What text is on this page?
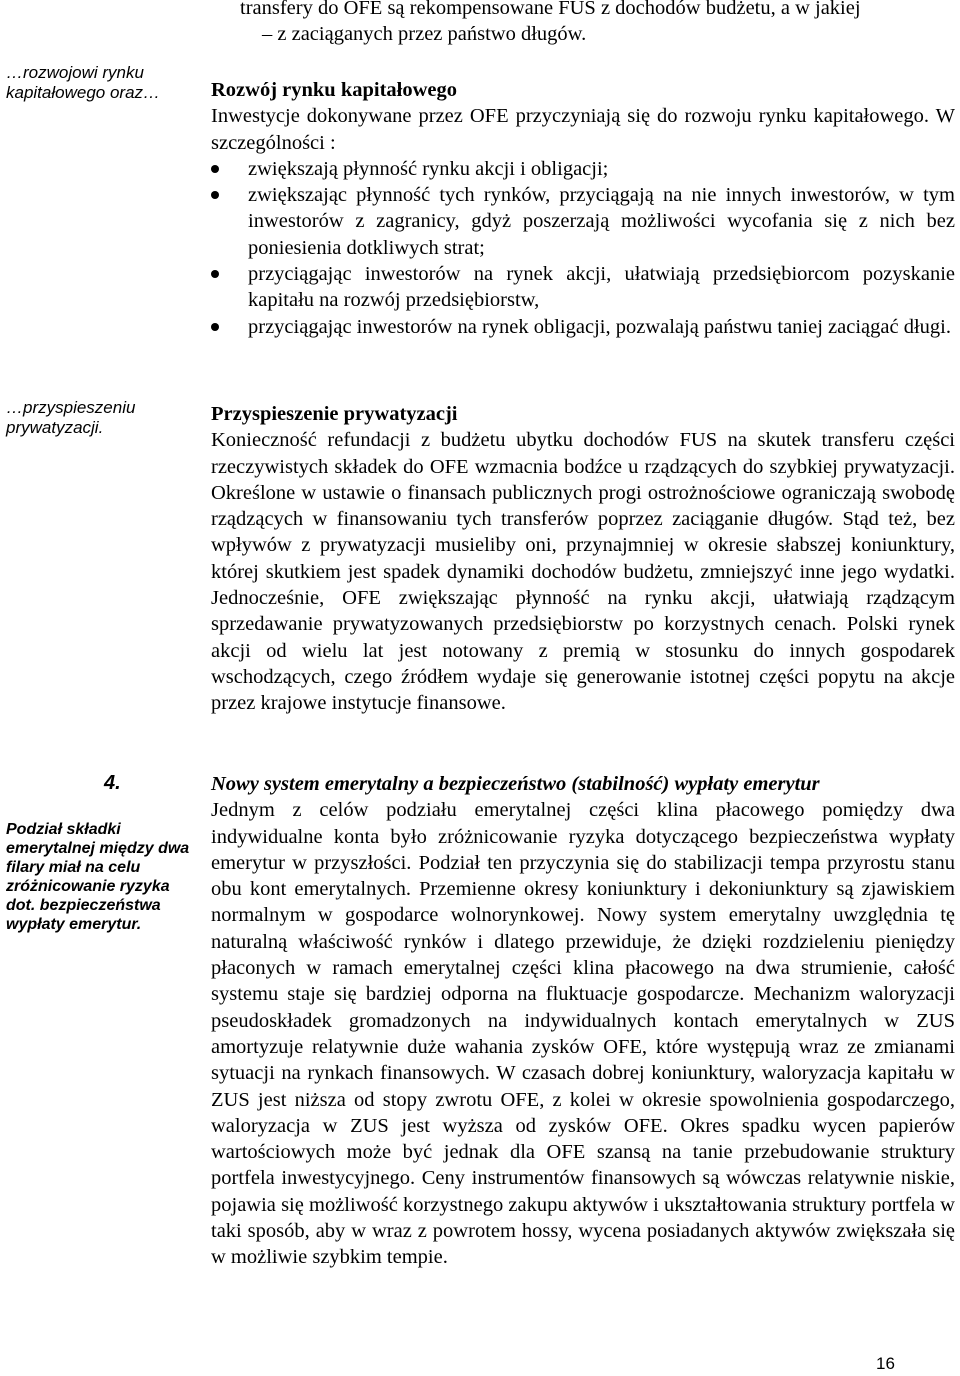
transfery do OFE są rekompensowane FUS z dochodów budżetu, a w jakiej
– z zaciąganych przez państwo długów.
…rozwojowi rynku kapitałowego oraz…
…przyspieszeniu prywatyzacji.
4.
Podział składki emerytalnej między dwa filary miał na celu zróżnicowanie ryzyka dot. bezpieczeństwa wypłaty emerytur.
Rozwój rynku kapitałowego
Inwestycje dokonywane przez OFE przyczyniają się do rozwoju rynku kapitałowego. W szczególności :
zwiększają płynność rynku akcji i obligacji;
zwiększając płynność tych rynków, przyciągają na nie innych inwestorów, w tym inwestorów z zagranicy, gdyż poszerzają możliwości wycofania się z nich bez poniesienia dotkliwych strat;
przyciągając inwestorów na rynek akcji, ułatwiają przedsiębiorcom pozyskanie kapitału na rozwój przedsiębiorstw,
przyciągając inwestorów na rynek obligacji, pozwalają państwu taniej zaciągać długi.
Przyspieszenie prywatyzacji
Konieczność refundacji z budżetu ubytku dochodów FUS na skutek transferu części rzeczywistych składek do OFE wzmacnia bodźce u rządzących do szybkiej prywatyzacji. Określone w ustawie o finansach publicznych progi ostrożnościowe ograniczają swobodę rządzących w finansowaniu tych transferów poprzez zaciąganie długów. Stąd też, bez wpływów z prywatyzacji musieliby oni, przynajmniej w okresie słabszej koniunktury, której skutkiem jest spadek dynamiki dochodów budżetu, zmniejszyć inne jego wydatki. Jednocześnie, OFE zwiększając płynność na rynku akcji, ułatwiają rządzącym sprzedawanie prywatyzowanych przedsiębiorstw po korzystnych cenach. Polski rynek akcji od wielu lat jest notowany z premią w stosunku do innych gospodarek wschodzących, czego źródłem wydaje się generowanie istotnej części popytu na akcje przez krajowe instytucje finansowe.
Nowy system emerytalny a bezpieczeństwo (stabilność) wypłaty emerytur
Jednym z celów podziału emerytalnej części klina płacowego pomiędzy dwa indywidualne konta było zróżnicowanie ryzyka dotyczącego bezpieczeństwa wypłaty emerytur w przyszłości. Podział ten przyczynia się do stabilizacji tempa przyrostu stanu obu kont emerytalnych. Przemienne okresy koniunktury i dekoniunktury są zjawiskiem normalnym w gospodarce wolnorynkowej. Nowy system emerytalny uwzględnia tę naturalną właściwość rynków i dlatego przewiduje, że dzięki rozdzieleniu pieniędzy płaconych w ramach emerytalnej części klina płacowego na dwa strumienie, całość systemu staje się bardziej odporna na fluktuacje gospodarcze. Mechanizm waloryzacji pseudoskładek gromadzonych na indywidualnych kontach emerytalnych w ZUS amortyzuje relatywnie duże wahania zysków OFE, które występują wraz ze zmianami sytuacji na rynkach finansowych. W czasach dobrej koniunktury, waloryzacja kapitału w ZUS jest niższa od stopy zwrotu OFE, z kolei w okresie spowolnienia gospodarczego, waloryzacja w ZUS jest wyższa od zysków OFE. Okres spadku wycen papierów wartościowych może być jednak dla OFE szansą na tanie przebudowanie struktury portfela inwestycyjnego. Ceny instrumentów finansowych są wówczas relatywnie niskie, pojawia się możliwość korzystnego zakupu aktywów i ukształtowania struktury portfela w taki sposób, aby w wraz z powrotem hossy, wycena posiadanych aktywów zwiększała się w możliwie szybkim tempie.
16
